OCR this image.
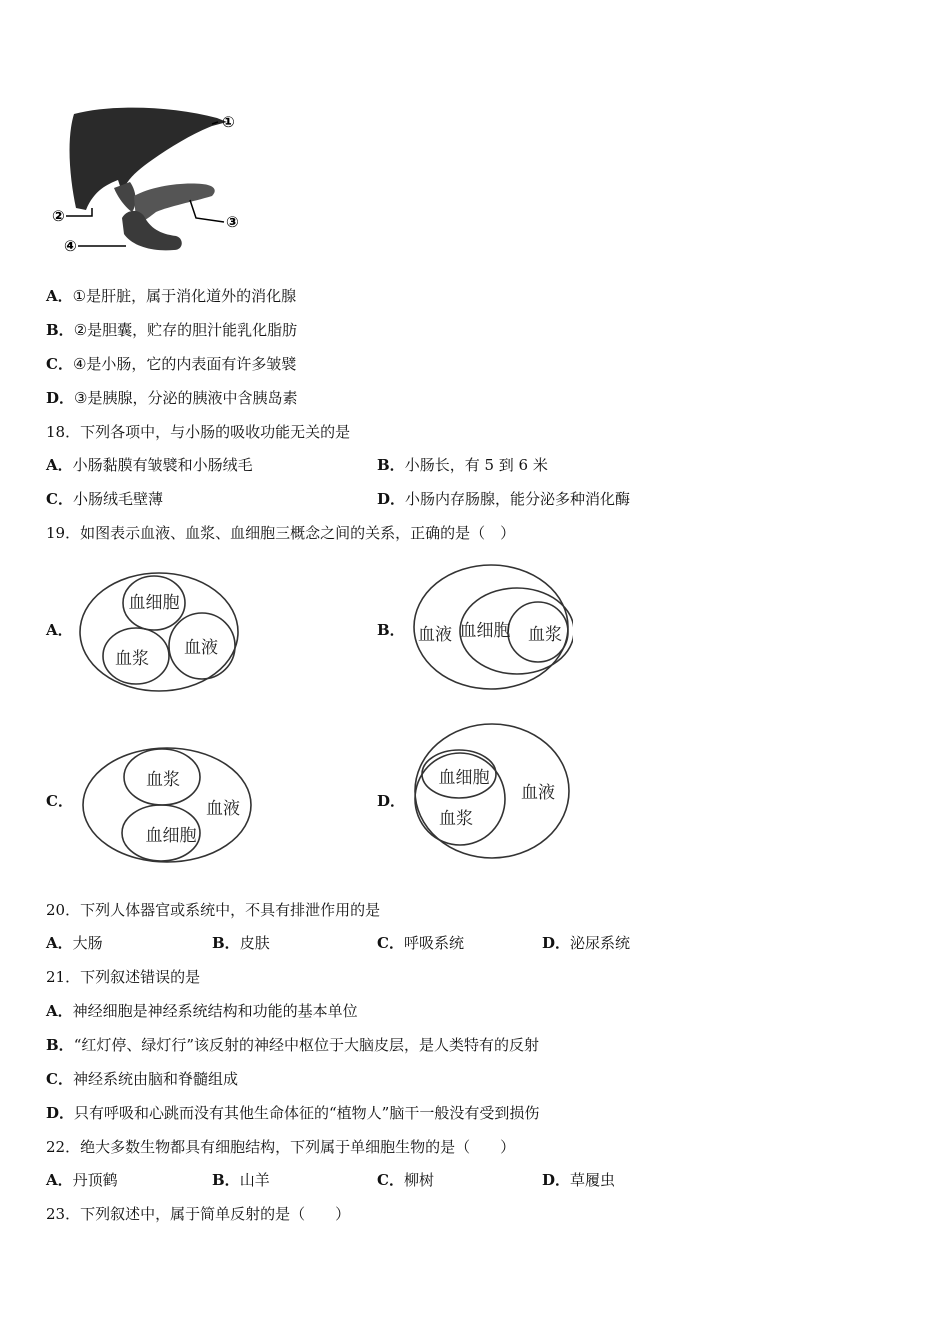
①
②	③
④
A．①是肝脏，属于消化道外的消化腺
B．②是胆囊，贮存的胆汁能乳化脂肪
C．④是小肠，它的内表面有许多皱襞
D．③是胰腺，分泌的胰液中含胰岛素
18．下列各项中，与小肠的吸收功能无关的是
A．小肠黏膜有皱襞和小肠绒毛	B．小肠长，有 5 到 6 米
C．小肠绒毛壁薄	D．小肠内存肠腺，能分泌多种消化酶
19．如图表示血液、血浆、血细胞三概念之间的关系，正确的是（　）
A．
血细胞
血浆
血液
B． 血液 血细胞 血浆
C．
血浆
血液
血细胞
D．
血细胞
血液
血浆
20．下列人体器官或系统中，不具有排泄作用的是
A．大肠	B．皮肤	C．呼吸系统	D．泌尿系统
21．下列叙述错误的是
A．神经细胞是神经系统结构和功能的基本单位
B．“红灯停、绿灯行”该反射的神经中枢位于大脑皮层，是人类特有的反射
C．神经系统由脑和脊髓组成
D．只有呼吸和心跳而没有其他生命体征的“植物人”脑干一般没有受到损伤
22．绝大多数生物都具有细胞结构，下列属于单细胞生物的是（　　）
A．丹顶鹤	B．山羊	C．柳树	D．草履虫
23．下列叙述中，属于简单反射的是（　　）
